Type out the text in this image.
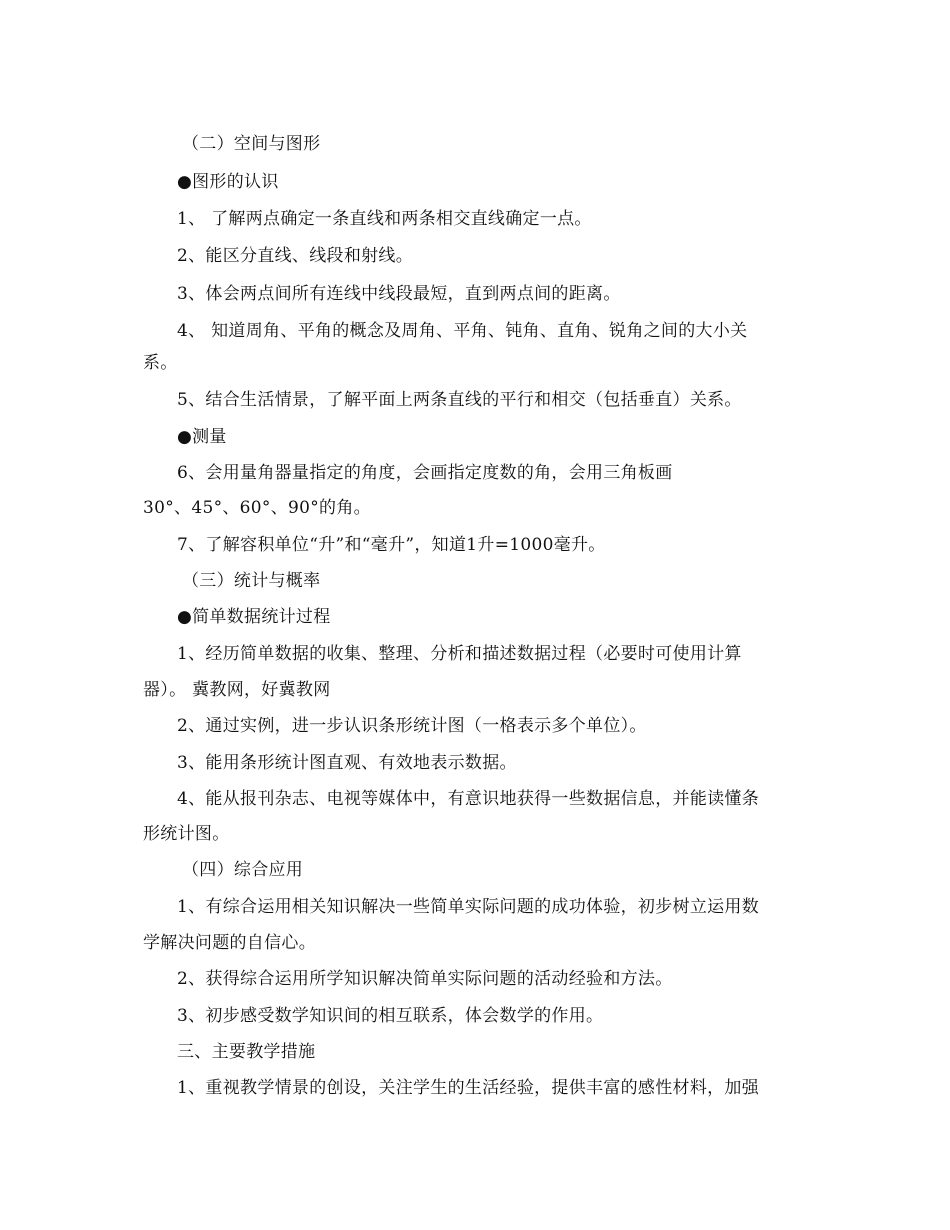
（二）空间与图形
●图形的认识
1、 了解两点确定一条直线和两条相交直线确定一点。
2、能区分直线、线段和射线。
3、体会两点间所有连线中线段最短，直到两点间的距离。
4、 知道周角、平角的概念及周角、平角、钝角、直角、锐角之间的大小关
系。
5、结合生活情景，了解平面上两条直线的平行和相交（包括垂直）关系。
●测量
6、会用量角器量指定的角度，会画指定度数的角，会用三角板画
30°、45°、60°、90°的角。
7、了解容积单位“升”和“毫升”，知道1升=1000毫升。
（三）统计与概率
●简单数据统计过程
1、经历简单数据的收集、整理、分析和描述数据过程（必要时可使用计算
器）。 冀教网，好冀教网
2、通过实例，进一步认识条形统计图（一格表示多个单位）。
3、能用条形统计图直观、有效地表示数据。
4、能从报刊杂志、电视等媒体中，有意识地获得一些数据信息，并能读懂条
形统计图。
（四）综合应用
1、有综合运用相关知识解决一些简单实际问题的成功体验，初步树立运用数
学解决问题的自信心。
2、获得综合运用所学知识解决简单实际问题的活动经验和方法。
3、初步感受数学知识间的相互联系，体会数学的作用。
三、主要教学措施
1、重视教学情景的创设，关注学生的生活经验，提供丰富的感性材料，加强
